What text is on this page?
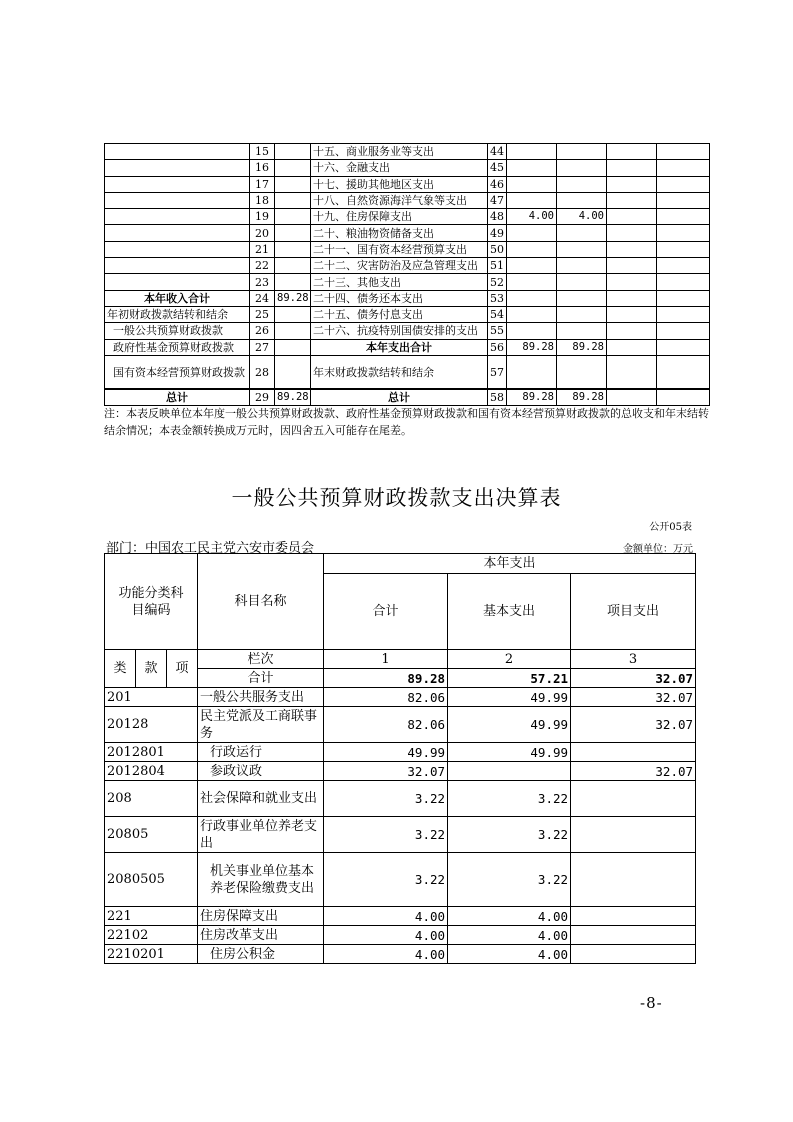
	15		十五、商业服务业等支出	44				
	16		十六、金融支出	45				
	17		十七、援助其他地区支出	46				
	18		十八、自然资源海洋气象等支出	47				
	19		十九、住房保障支出	48	4.00	4.00		
	20		二十、粮油物资储备支出	49				
	21		二十一、国有资本经营预算支出	50				
	22		二十二、灾害防治及应急管理支出	51				
	23		二十三、其他支出	52				
本年收入合计	24	89.28	二十四、债务还本支出	53				
年初财政拨款结转和结余	25		二十五、债务付息支出	54				
一般公共预算财政拨款	26		二十六、抗疫特别国债安排的支出	55				
政府性基金预算财政拨款	27		本年支出合计	56	89.28	89.28		
国有资本经营预算财政拨款	28		年末财政拨款结转和结余	57				
总计	29	89.28	总计	58	89.28	89.28		
注：本表反映单位本年度一般公共预算财政拨款、政府性基金预算财政拨款和国有资本经营预算财政拨款的总收支和年末结转结余情况；本表金额转换成万元时，因四舍五入可能存在尾差。
一般公共预算财政拨款支出决算表
公开05表
部门：中国农工民主党六安市委员会	金额单位：万元
功能分类科目编码			科目名称	本年支出		
				合计	基本支出	项目支出
类	款	项	栏次	1	2	3
			合计	89.28	57.21	32.07
201			一般公共服务支出	82.06	49.99	32.07
20128			民主党派及工商联事务	82.06	49.99	32.07
2012801			行政运行	49.99	49.99	
2012804			参政议政	32.07		32.07
208			社会保障和就业支出	3.22	3.22	
20805			行政事业单位养老支出	3.22	3.22	
2080505			机关事业单位基本养老保险缴费支出	3.22	3.22	
221			住房保障支出	4.00	4.00	
22102			住房改革支出	4.00	4.00	
2210201			住房公积金	4.00	4.00	
-8-
